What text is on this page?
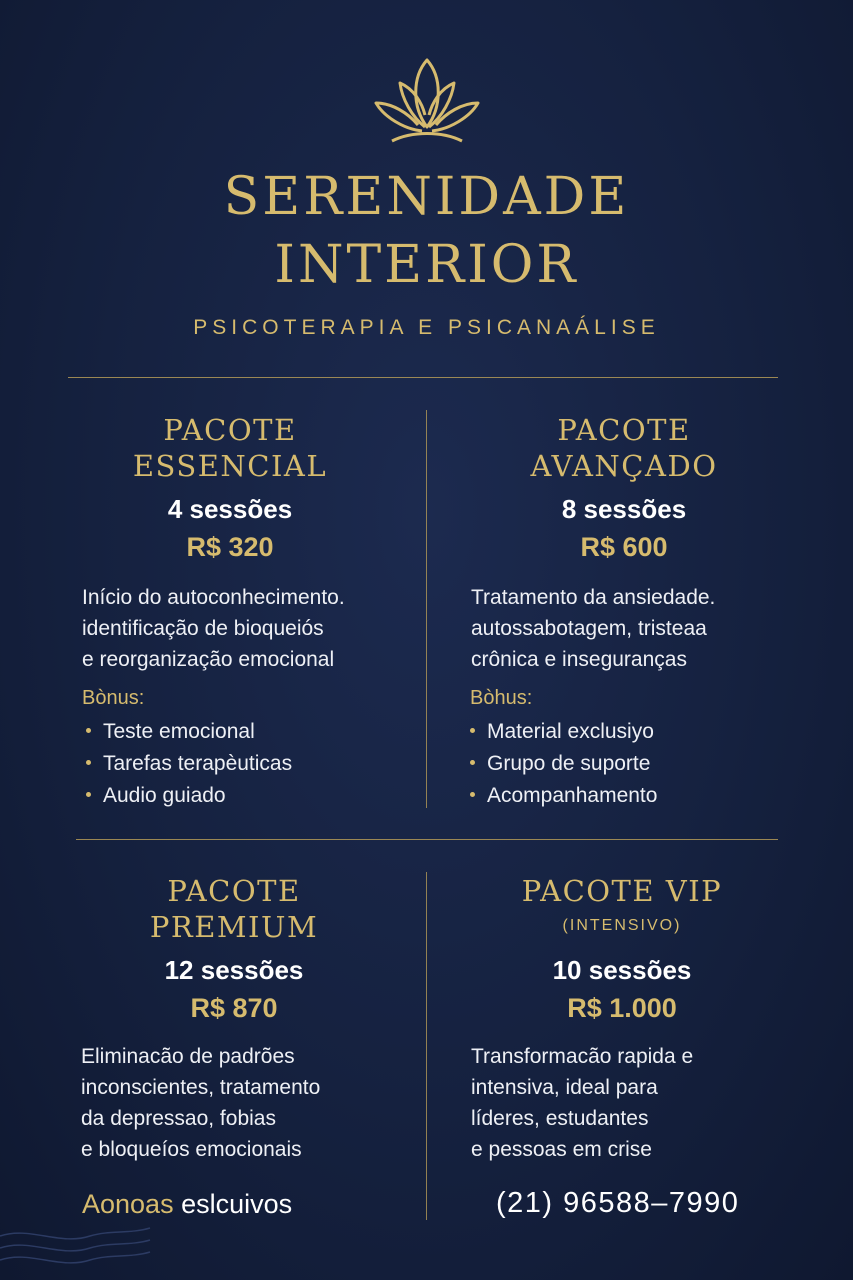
SERENIDADE
INTERIOR
PSICOTERAPIA E PSICANAÁLISE
PACOTE
ESSENCIAL
4 sessões
R$ 320
Início do autoconhecimento.
identificação de bioqueiós
e reorganização emocional
Bònus:
Teste emocional
Tarefas terapèuticas
Audio guiado
PACOTE
AVANÇADO
8 sessões
R$ 600
Tratamento da ansiedade.
autossabotagem, tristeaa
crônica e inseguranças
Bòhus:
Material exclusiyo
Grupo de suporte
Acompanhamento
PACOTE
PREMIUM
12 sessões
R$ 870
Eliminacão de padrões
inconscientes, tratamento
da depressao, fobias
e bloqueíos emocionais
PACOTE VIP
(INTENSIVO)
10 sessões
R$ 1.000
Transformacão rapida e
intensiva, ideal para
líderes, estudantes
e pessoas em crise
Aonoas eslcuivos	(21) 96588–7990
